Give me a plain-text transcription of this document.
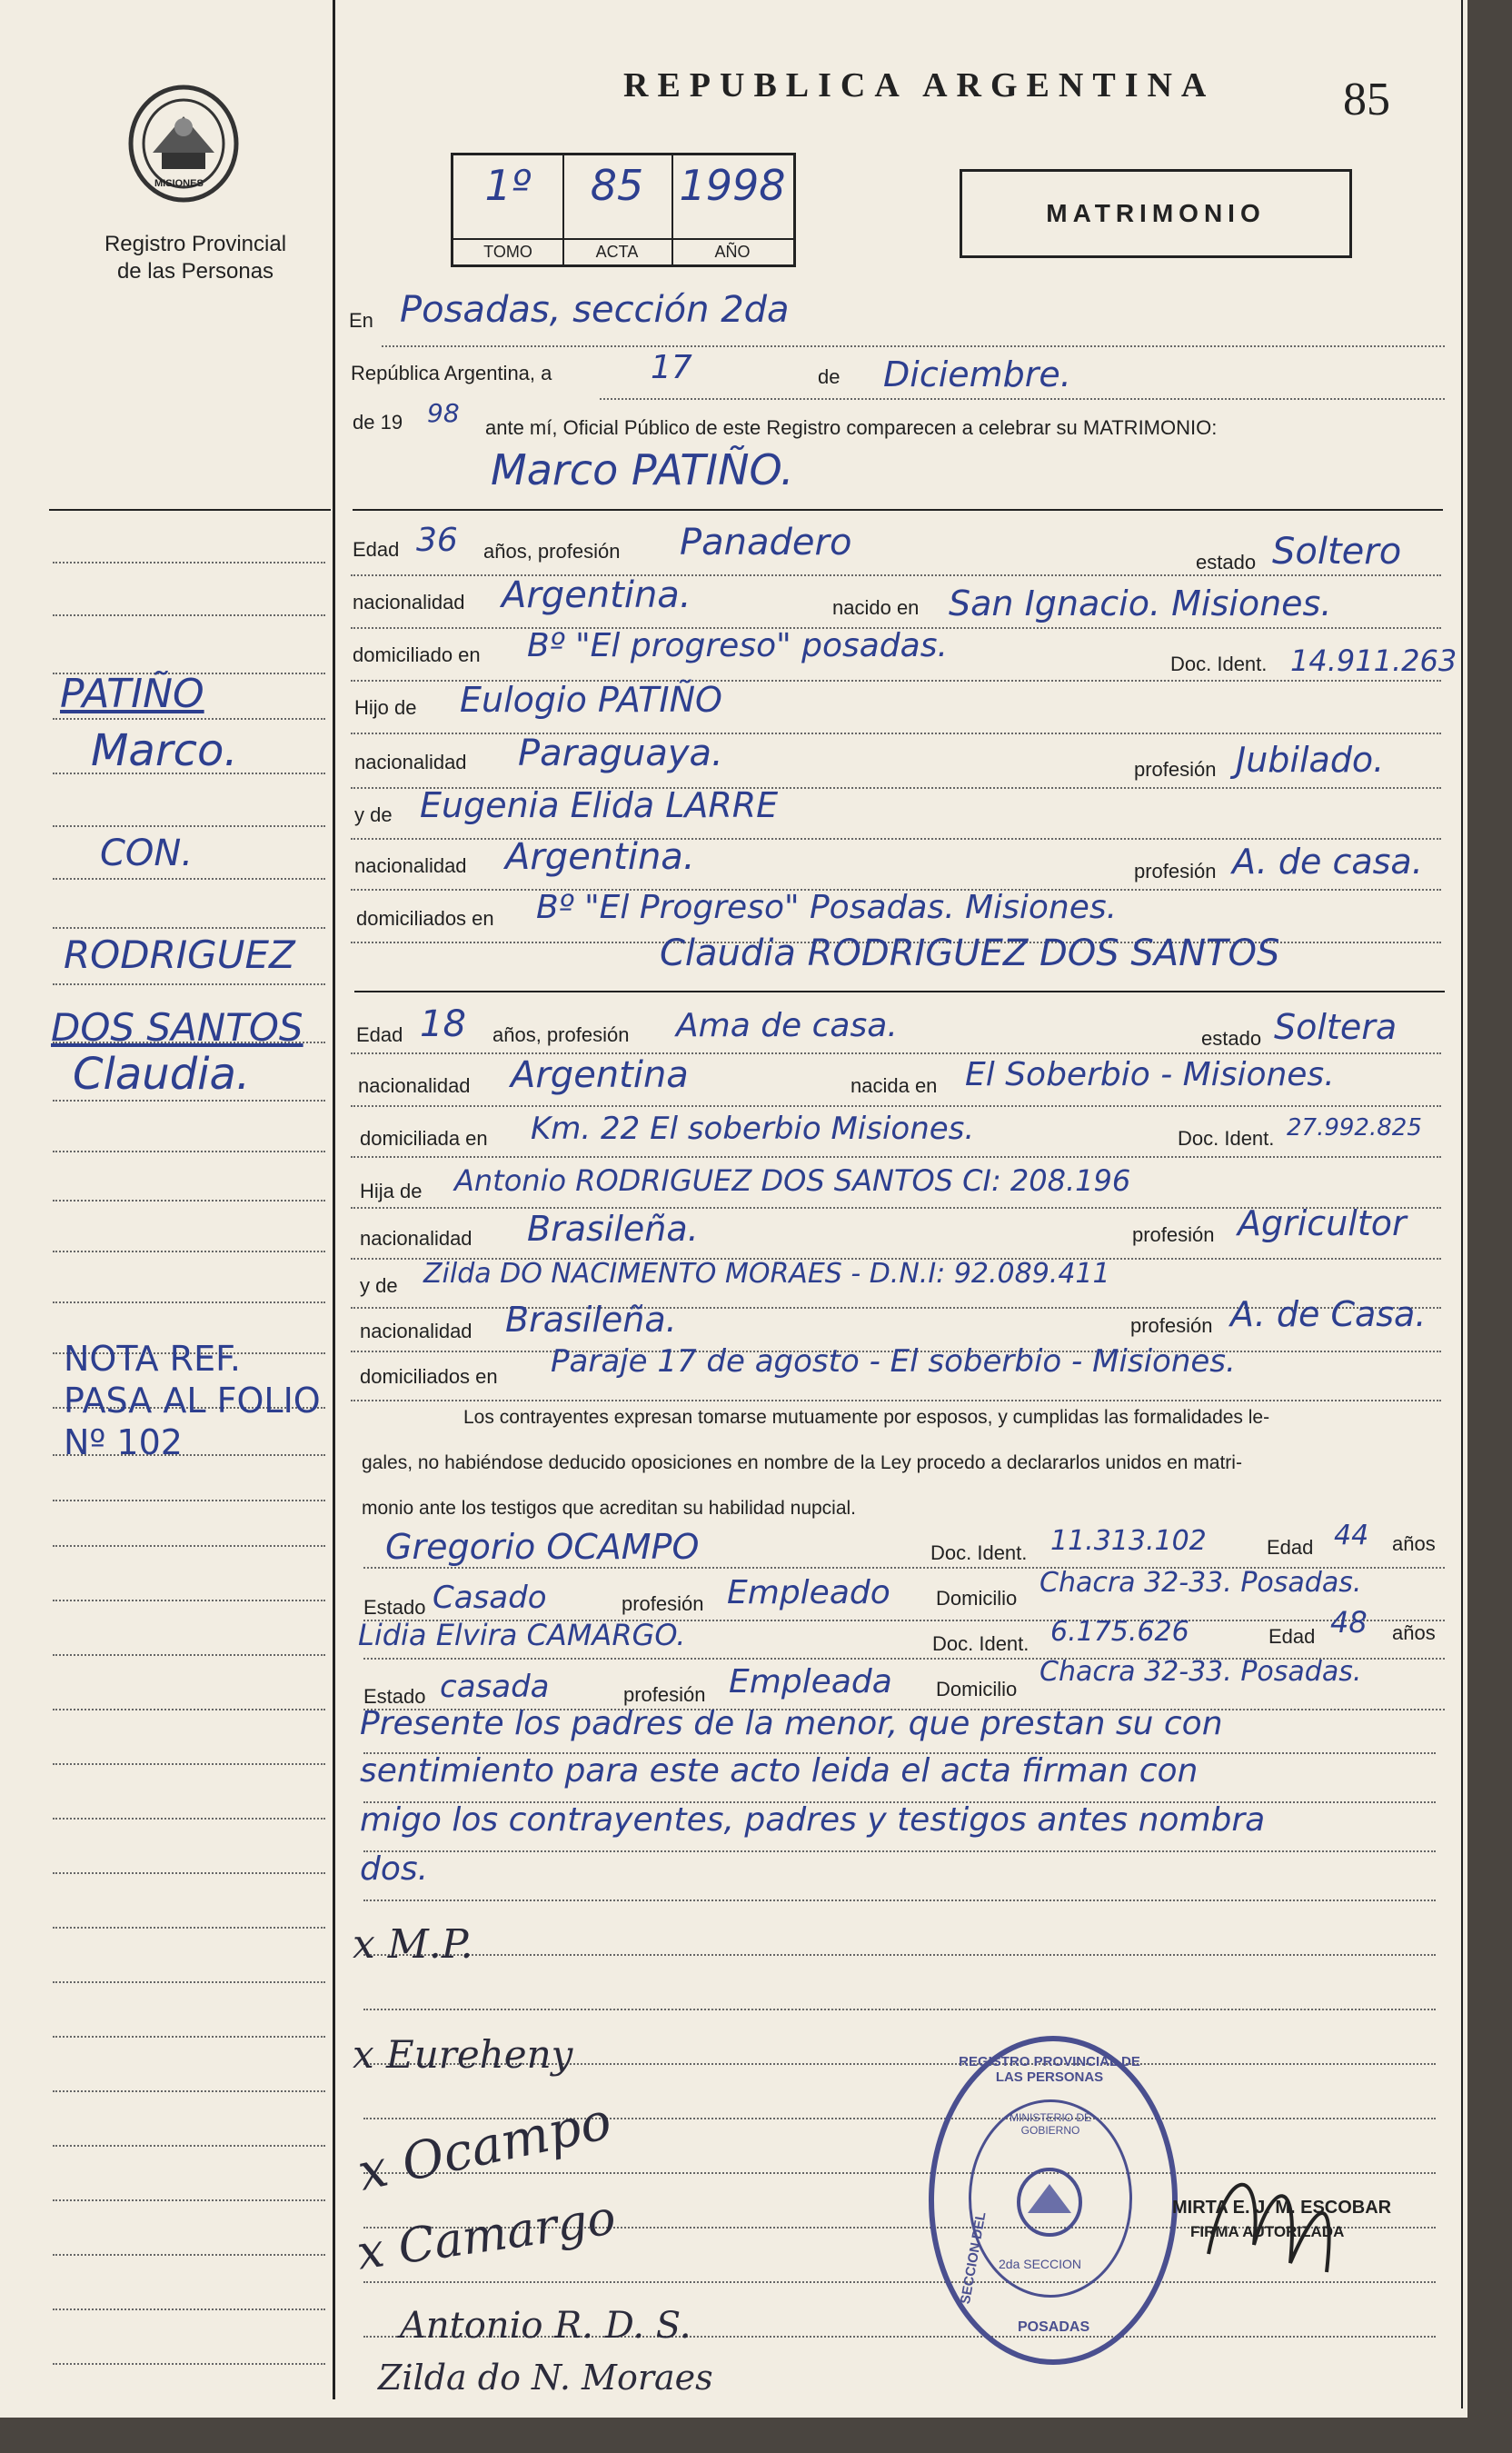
MISIONES
Registro Provincial
de las Personas
REPUBLICA ARGENTINA	85
1º
TOMO
85
ACTA
1998
AÑO
MATRIMONIO
En Posadas, sección 2da
República Argentina, a	17	de Diciembre.
de 19 98 ante mí, Oficial Público de este Registro comparecen a celebrar su MATRIMONIO:
Marco PATIÑO.
PATIÑO
Marco.
CON.
RODRIGUEZ
DOS SANTOS
Claudia.
NOTA REF.
PASA AL FOLIO
Nº 102
Edad 36 años, profesión Panadero	estado Soltero
nacionalidad Argentina.	nacido en San Ignacio. Misiones.
domiciliado en Bº "El progreso" posadas.	Doc. Ident. 14.911.263
Hijo de Eulogio PATIÑO
nacionalidad Paraguaya.	profesión Jubilado.
y de Eugenia Elida LARRE
nacionalidad Argentina.	profesión A. de casa.
domiciliados en Bº "El Progreso" Posadas. Misiones.
Claudia RODRIGUEZ DOS SANTOS
Edad 18 años, profesión Ama de casa.	estado Soltera
nacionalidad Argentina	nacida en El Soberbio - Misiones.
domiciliada en Km. 22 El soberbio Misiones.	Doc. Ident. 27.992.825
Hija de Antonio RODRIGUEZ DOS SANTOS CI: 208.196
nacionalidad Brasileña.	profesión Agricultor
y de Zilda DO NACIMENTO MORAES - D.N.I: 92.089.411
nacionalidad Brasileña.	profesión A. de Casa.
domiciliados en Paraje 17 de agosto - El soberbio - Misiones.
Los contrayentes expresan tomarse mutuamente por esposos, y cumplidas las formalidades le-
gales, no habiéndose deducido oposiciones en nombre de la Ley procedo a declararlos unidos en matri-
monio ante los testigos que acreditan su habilidad nupcial.
Gregorio OCAMPO	Doc. Ident. 11.313.102	Edad 44 años
Estado Casado	profesión Empleado Domicilio Chacra 32-33. Posadas.
Lidia Elvira CAMARGO.	Doc. Ident. 6.175.626	Edad 48 años
Estado casada	profesión Empleada Domicilio
Chacra 32-33. Posadas.
Presente los padres de la menor, que prestan su con
sentimiento para este acto leida el acta firman con
migo los contrayentes, padres y testigos antes nombra
dos.
x M.P.
x Eureheny
x Ocampo
x Camargo
Antonio R. D. S.
Zilda do N. Moraes
REGISTRO PROVINCIAL DE LAS PERSONAS
MINISTERIO DE GOBIERNO
2da SECCION
SECCION DEL
POSADAS
MIRTA E. J. M. ESCOBAR
FIRMA AUTORIZADA
